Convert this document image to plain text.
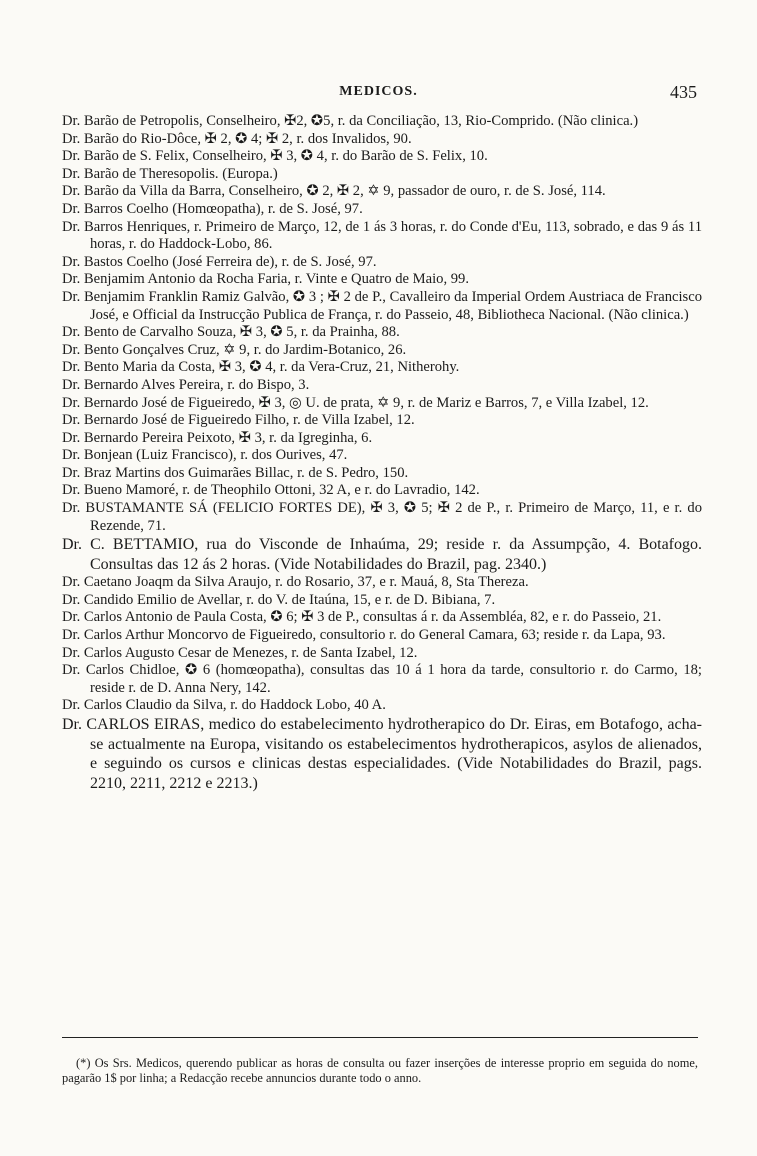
MEDICOS.	435

Dr. Barão de Petropolis, Conselheiro, ✠2, ✪5, r. da Conciliação, 13, Rio-Comprido. (Não clinica.)

Dr. Barão do Rio-Dôce, ✠ 2, ✪ 4; ✠ 2, r. dos Invalidos, 90.

Dr. Barão de S. Felix, Conselheiro, ✠ 3, ✪ 4, r. do Barão de S. Felix, 10.

Dr. Barão de Theresopolis. (Europa.)

Dr. Barão da Villa da Barra, Conselheiro, ✪ 2, ✠ 2, ✡ 9, passador de ouro, r. de S. José, 114.

Dr. Barros Coelho (Homœopatha), r. de S. José, 97.

Dr. Barros Henriques, r. Primeiro de Março, 12, de 1 ás 3 horas, r. do Conde d'Eu, 113, sobrado, e das 9 ás 11 horas, r. do Haddock-Lobo, 86.

Dr. Bastos Coelho (José Ferreira de), r. de S. José, 97.

Dr. Benjamim Antonio da Rocha Faria, r. Vinte e Quatro de Maio, 99.

Dr. Benjamim Franklin Ramiz Galvão, ✪ 3 ; ✠ 2 de P., Cavalleiro da Imperial Ordem Austriaca de Francisco José, e Official da Instrucção Publica de França, r. do Passeio, 48, Bibliotheca Nacional. (Não clinica.)

Dr. Bento de Carvalho Souza, ✠ 3, ✪ 5, r. da Prainha, 88.

Dr. Bento Gonçalves Cruz, ✡ 9, r. do Jardim-Botanico, 26.

Dr. Bento Maria da Costa, ✠ 3, ✪ 4, r. da Vera-Cruz, 21, Nitherohy.

Dr. Bernardo Alves Pereira, r. do Bispo, 3.

Dr. Bernardo José de Figueiredo, ✠ 3, ◎ U. de prata, ✡ 9, r. de Mariz e Barros, 7, e Villa Izabel, 12.

Dr. Bernardo José de Figueiredo Filho, r. de Villa Izabel, 12.

Dr. Bernardo Pereira Peixoto, ✠ 3, r. da Igreginha, 6.

Dr. Bonjean (Luiz Francisco), r. dos Ourives, 47.

Dr. Braz Martins dos Guimarães Billac, r. de S. Pedro, 150.

Dr. Bueno Mamoré, r. de Theophilo Ottoni, 32 A, e r. do Lavradio, 142.

Dr. BUSTAMANTE SÁ (FELICIO FORTES DE), ✠ 3, ✪ 5; ✠ 2 de P., r. Primeiro de Março, 11, e r. do Rezende, 71.

Dr. C. BETTAMIO, rua do Visconde de Inhaúma, 29; reside r. da Assumpção, 4. Botafogo. Consultas das 12 ás 2 horas. (Vide Notabilidades do Brazil, pag. 2340.)

Dr. Caetano Joaqm da Silva Araujo, r. do Rosario, 37, e r. Mauá, 8, Sta Thereza.

Dr. Candido Emilio de Avellar, r. do V. de Itaúna, 15, e r. de D. Bibiana, 7.

Dr. Carlos Antonio de Paula Costa, ✪ 6; ✠ 3 de P., consultas á r. da Assembléa, 82, e r. do Passeio, 21.

Dr. Carlos Arthur Moncorvo de Figueiredo, consultorio r. do General Camara, 63; reside r. da Lapa, 93.

Dr. Carlos Augusto Cesar de Menezes, r. de Santa Izabel, 12.

Dr. Carlos Chidloe, ✪ 6 (homœopatha), consultas das 10 á 1 hora da tarde, consultorio r. do Carmo, 18; reside r. de D. Anna Nery, 142.

Dr. Carlos Claudio da Silva, r. do Haddock Lobo, 40 A.

Dr. CARLOS EIRAS, medico do estabelecimento hydrotherapico do Dr. Eiras, em Botafogo, acha-se actualmente na Europa, visitando os estabelecimentos hydrotherapicos, asylos de alienados, e seguindo os cursos e clinicas destas especialidades. (Vide Notabilidades do Brazil, pags. 2210, 2211, 2212 e 2213.)

(*) Os Srs. Medicos, querendo publicar as horas de consulta ou fazer inserções de interesse proprio em seguida do nome, pagarão 1$ por linha; a Redacção recebe annuncios durante todo o anno.
